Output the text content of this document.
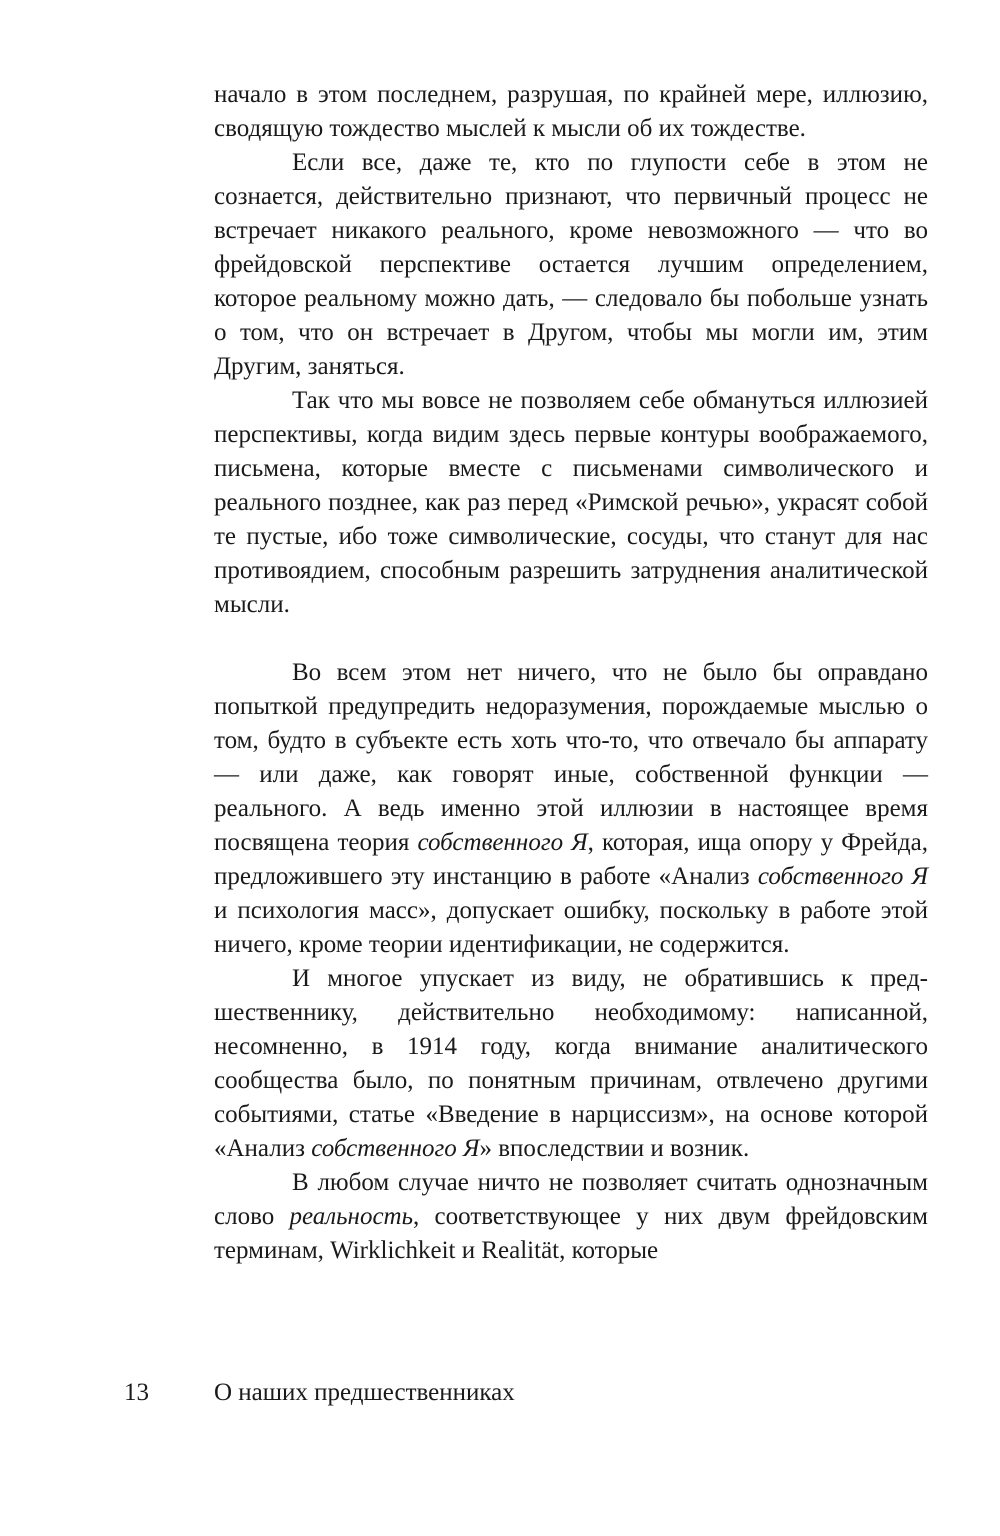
начало в этом последнем, разрушая, по крайней мере, иллюзию, сводящую тождество мыслей к мысли об их тождестве.

Если все, даже те, кто по глупости себе в этом не сознается, действительно признают, что первичный процесс не встречает никакого реального, кроме невозможного — что во фрейдовской перспективе остается лучшим определением, которое реальному можно дать, — следовало бы побольше узнать о том, что он встречает в Другом, чтобы мы могли им, этим Другим, заняться.

Так что мы вовсе не позволяем себе обмануться иллюзией перспективы, когда видим здесь первые контуры воображаемого, письмена, которые вместе с письменами символического и реального позднее, как раз перед «Римской речью», украсят собой те пустые, ибо тоже символические, сосуды, что станут для нас противоядием, способным разрешить затруднения аналитической мысли.

Во всем этом нет ничего, что не было бы оправдано попыткой предупредить недоразумения, порождаемые мыслью о том, будто в субъекте есть хоть что-то, что отвечало бы аппарату — или даже, как говорят иные, собственной функции — реального. А ведь именно этой иллюзии в настоящее время посвящена теория собственного Я, которая, ища опору у Фрейда, предложившего эту инстанцию в работе «Анализ собственного Я и психология масс», допускает ошибку, поскольку в работе этой ничего, кроме теории идентификации, не содержится.

И многое упускает из виду, не обратившись к предшественнику, действительно необходимому: написанной, несомненно, в 1914 году, когда внимание аналитического сообщества было, по понятным причинам, отвлечено другими событиями, статье «Введение в нарциссизм», на основе которой «Анализ собственного Я» впоследствии и возник.

В любом случае ничто не позволяет считать однозначным слово реальность, соответствующее у них двум фрейдовским терминам, Wirklichkeit и Realität, которые

13	О наших предшественниках
